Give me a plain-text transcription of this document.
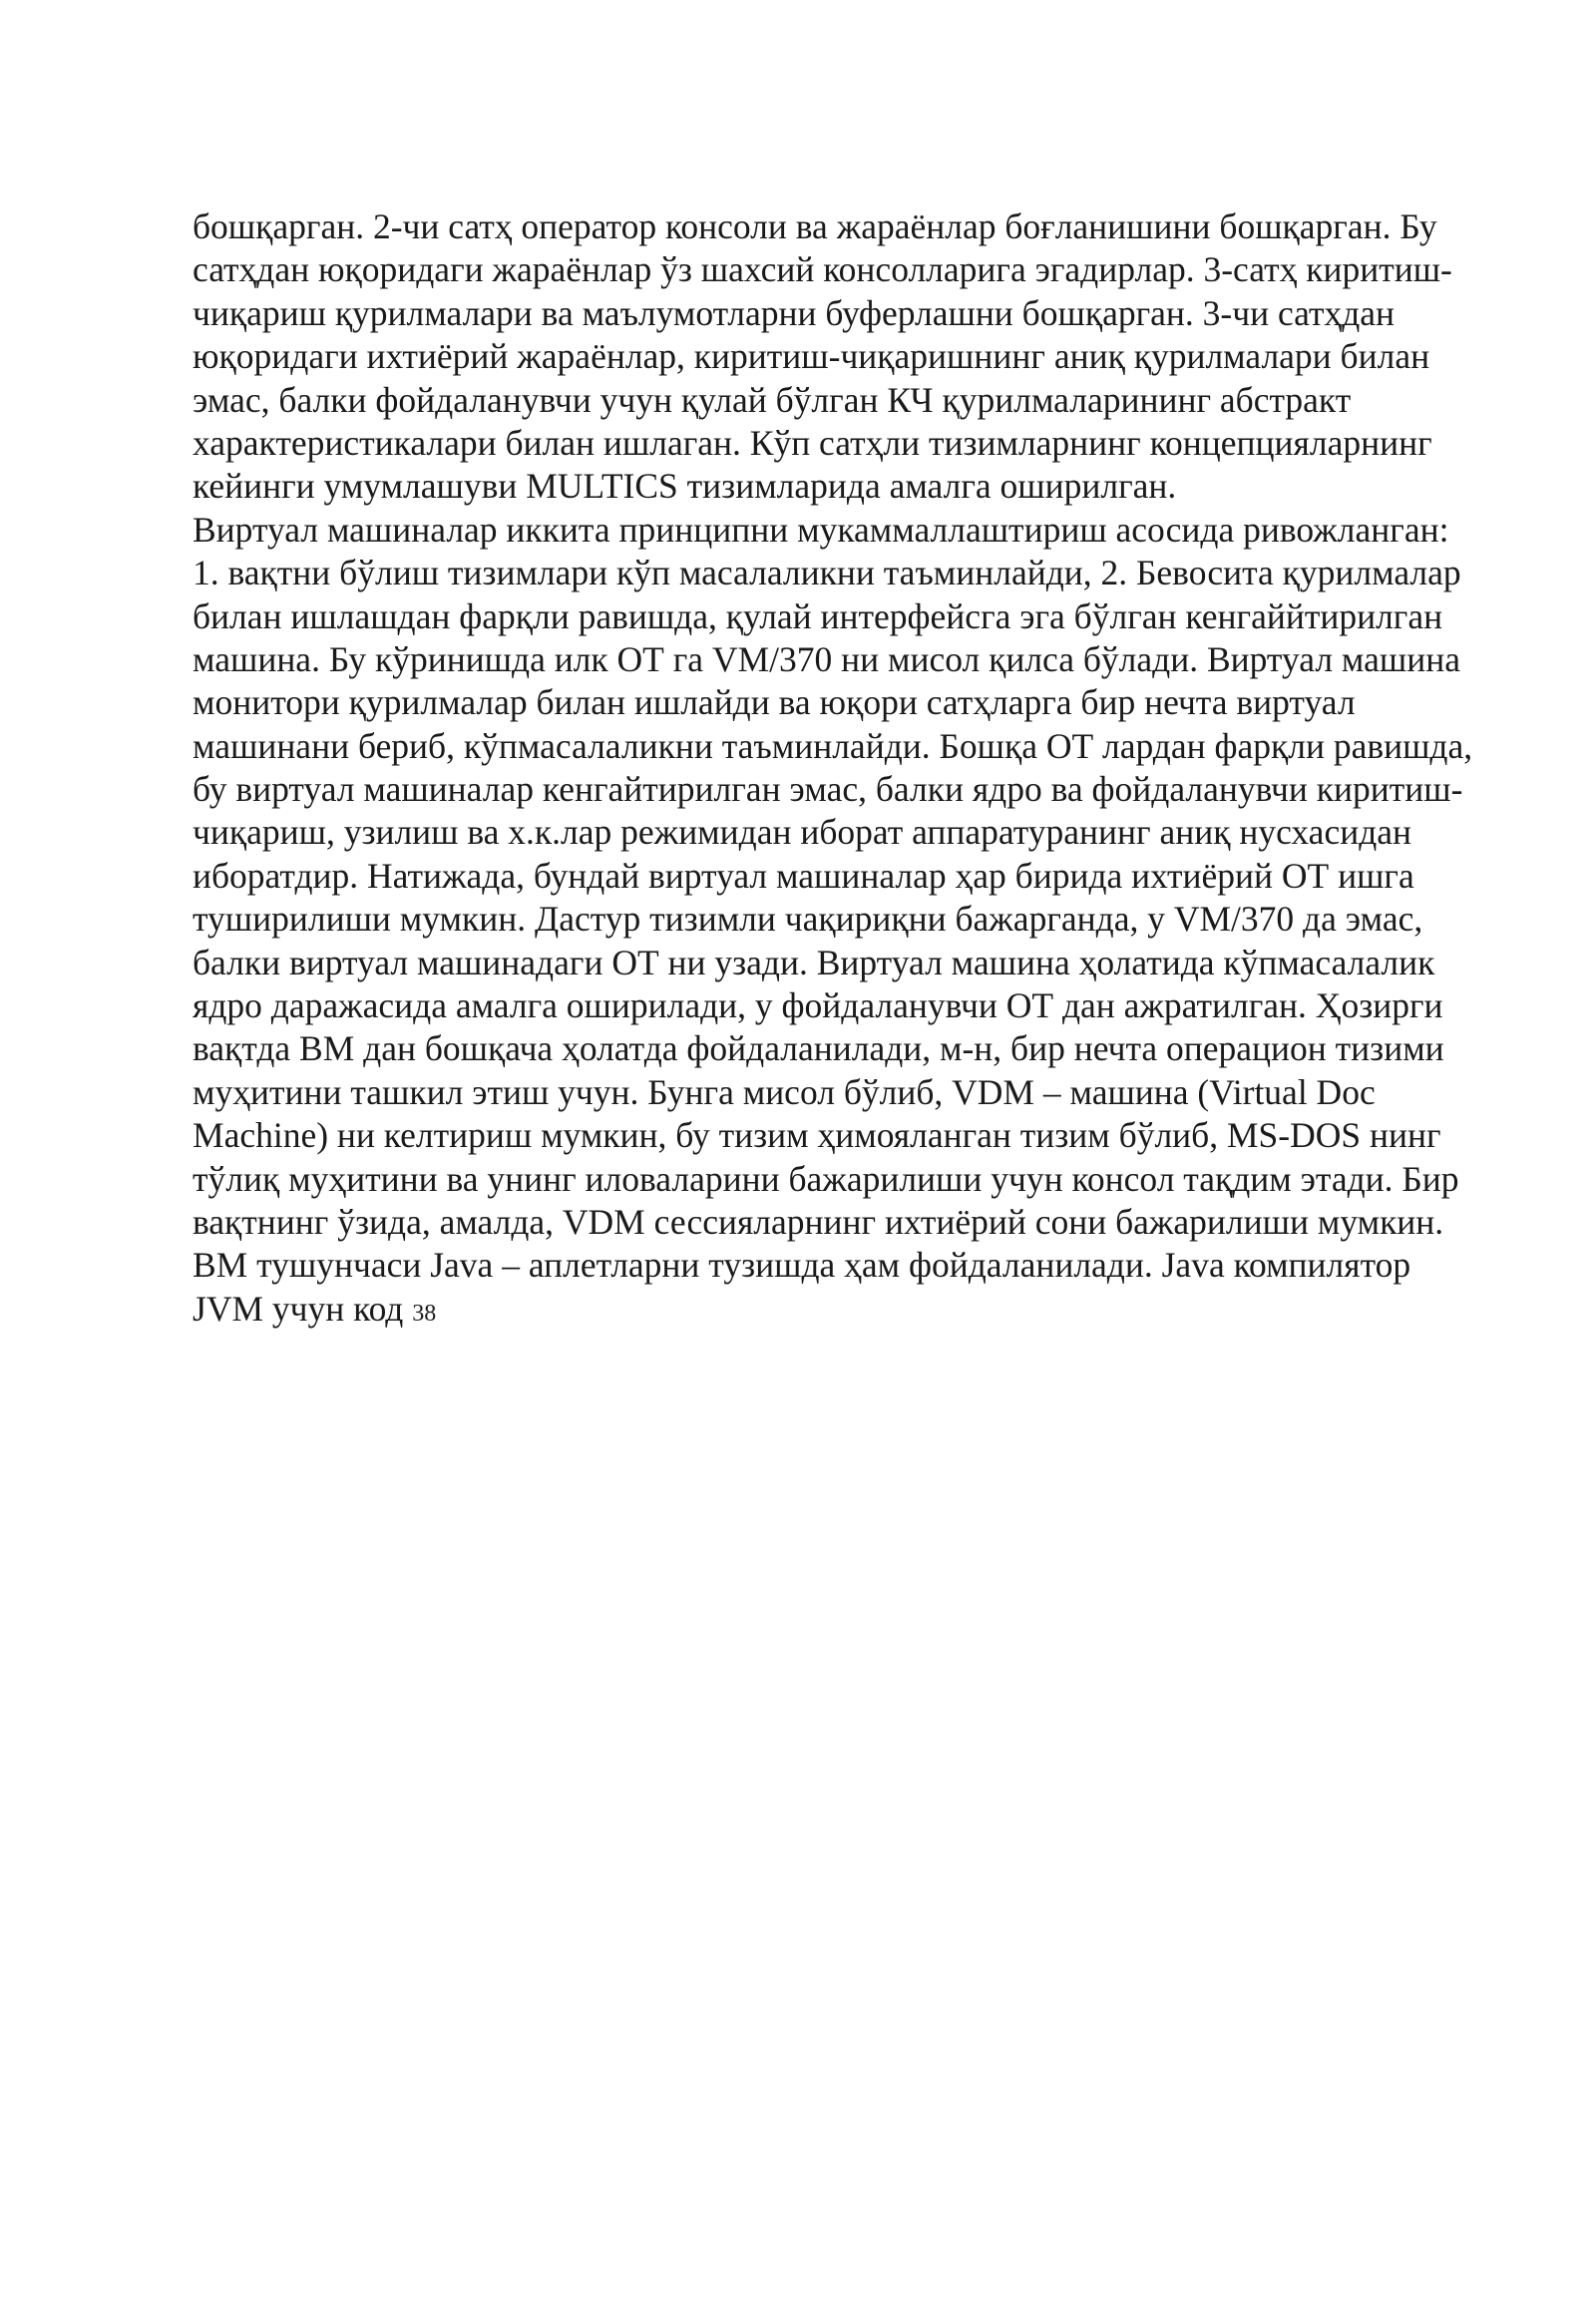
бошқарган. 2-чи сатҳ оператор консоли ва жараёнлар боғланишини бошқарган. Бу
сатҳдан юқоридаги жараёнлар ўз шахсий консолларига эгадирлар. 3-сатҳ киритиш-
чиқариш қурилмалари ва маълумотларни буферлашни бошқарган. 3-чи сатҳдан
юқоридаги ихтиёрий жараёнлар, киритиш-чиқаришнинг аниқ қурилмалари билан
эмас, балки фойдаланувчи учун қулай бўлган КЧ қурилмаларининг абстракт
характеристикалари билан ишлаган. Кўп сатҳли тизимларнинг концепцияларнинг
кейинги умумлашуви MULTICS тизимларида амалга оширилган.
Виртуал машиналар иккита принципни мукаммаллаштириш асосида ривожланган:
1. вақтни бўлиш тизимлари кўп масалаликни таъминлайди, 2. Бевосита қурилмалар
билан ишлашдан фарқли равишда, қулай интерфейсга эга бўлган кенгаййтирилган
машина. Бу кўринишда илк ОТ га VM/370 ни мисол қилса бўлади. Виртуал машина
монитори қурилмалар билан ишлайди ва юқори сатҳларга бир нечта виртуал
машинани бериб, кўпмасалаликни таъминлайди. Бошқа ОТ лардан фарқли равишда,
бу виртуал машиналар кенгайтирилган эмас, балки ядро ва фойдаланувчи киритиш-
чиқариш, узилиш ва х.к.лар режимидан иборат аппаратуранинг аниқ нусхасидан
иборатдир. Натижада, бундай виртуал машиналар ҳар бирида ихтиёрий ОТ ишга
туширилиши мумкин. Дастур тизимли чақириқни бажарганда, у VM/370 да эмас,
балки виртуал машинадаги ОТ ни узади. Виртуал машина ҳолатида кўпмасалалик
ядро даражасида амалга оширилади, у фойдаланувчи ОТ дан ажратилган. Ҳозирги
вақтда ВМ дан бошқача ҳолатда фойдаланилади, м-н, бир нечта операцион тизими
муҳитини ташкил этиш учун. Бунга мисол бўлиб, VDM – машина (Virtual Doc
Machine) ни келтириш мумкин, бу тизим ҳимояланган тизим бўлиб, MS-DOS нинг
тўлиқ муҳитини ва унинг иловаларини бажарилиши учун консол тақдим этади. Бир
вақтнинг ўзида, амалда, VDM сессияларнинг ихтиёрий сони бажарилиши мумкин.
ВМ тушунчаси Java – аплетларни тузишда ҳам фойдаланилади. Java компилятор
JVM учун код 38
